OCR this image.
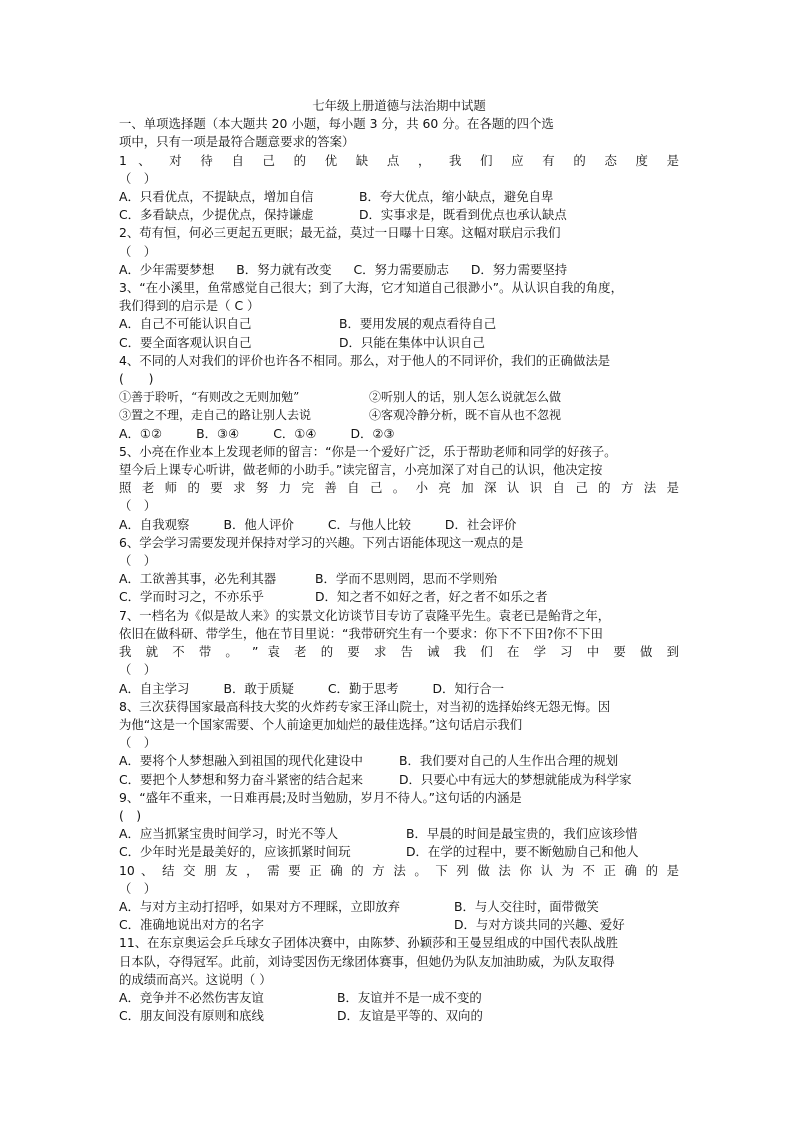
七年级上册道德与法治期中试题
一、单项选择题（本大题共 20 小题，每小题 3 分，共 60 分。在各题的四个选
项中，只有一项是最符合题意要求的答案）
1 、 对 待 自 己 的 优 缺 点 ， 我 们 应 有 的 态 度 是
（　）
A．只看优点，不提缺点，增加自信	B．夸大优点，缩小缺点，避免自卑
C．多看缺点，少提优点，保持谦虚	D．实事求是，既看到优点也承认缺点
2、苟有恒，何必三更起五更眠；最无益，莫过一日曝十日寒。这幅对联启示我们
（　）
A．少年需要梦想 B．努力就有改变 C．努力需要励志 D．努力需要坚持
3、“在小溪里，鱼常感觉自己很大；到了大海，它才知道自己很渺小”。从认识自我的角度，
我们得到的启示是（ C ）
A．自己不可能认识自己	B．要用发展的观点看待自己
C．要全面客观认识自己	D．只能在集体中认识自己
4、不同的人对我们的评价也许各不相同。那么，对于他人的不同评价，我们的正确做法是
(　　)
①善于聆听，“有则改之无则加勉”	②听别人的话，别人怎么说就怎么做
③置之不理，走自己的路让别人去说	④客观冷静分析，既不盲从也不忽视
A．①②	B．③④	C．①④	D．②③
5、小亮在作业本上发现老师的留言：“你是一个爱好广泛，乐于帮助老师和同学的好孩子。
望今后上课专心听讲，做老师的小助手。”读完留言，小亮加深了对自己的认识，他决定按
照 老 师 的 要 求 努 力 完 善 自 己 。 小 亮 加 深 认 识 自 己 的 方 法 是
（　）
A．自我观察	B．他人评价	C．与他人比较	D．社会评价
6、学会学习需要发现并保持对学习的兴趣。下列古语能体现这一观点的是
（　）
A．工欲善其事，必先利其器	B．学而不思则罔，思而不学则殆
C．学而时习之，不亦乐乎	D．知之者不如好之者，好之者不如乐之者
7、一档名为《似是故人来》的实景文化访谈节目专访了袁隆平先生。袁老已是鲐背之年，
依旧在做科研、带学生，他在节目里说：“我带研究生有一个要求：你下不下田?你不下田
我 就 不 带 。 ” 袁 老 的 要 求 告 诫 我 们 在 学 习 中 要 做 到
（　）
A．自主学习	B．敢于质疑	C．勤于思考	D．知行合一
8、三次获得国家最高科技大奖的火炸药专家王泽山院士，对当初的选择始终无怨无悔。因
为他“这是一个国家需要、个人前途更加灿烂的最佳选择。”这句话启示我们
（　）
A．要将个人梦想融入到祖国的现代化建设中	B．我们要对自己的人生作出合理的规划
C．要把个人梦想和努力奋斗紧密的结合起来	D．只要心中有远大的梦想就能成为科学家
9、“盛年不重来，一日难再晨;及时当勉励，岁月不待人。”这句话的内涵是
(　)
A．应当抓紧宝贵时间学习，时光不等人	B．早晨的时间是最宝贵的，我们应该珍惜
C．少年时光是最美好的，应该抓紧时间玩	D．在学的过程中，要不断勉励自己和他人
10 、 结 交 朋 友 ， 需 要 正 确 的 方 法 。 下 列 做 法 你 认 为 不 正 确 的 是
（　）
A．与对方主动打招呼，如果对方不理睬，立即放弃	B．与人交往时，面带微笑
C．准确地说出对方的名字	D．与对方谈共同的兴趣、爱好
11、在东京奥运会乒乓球女子团体决赛中，由陈梦、孙颖莎和王曼昱组成的中国代表队战胜
日本队，夺得冠军。此前，刘诗雯因伤无缘团体赛事，但她仍为队友加油助威，为队友取得
的成绩而高兴。这说明（ ）
A．竞争并不必然伤害友谊	B．友谊并不是一成不变的
C．朋友间没有原则和底线	D．友谊是平等的、双向的
